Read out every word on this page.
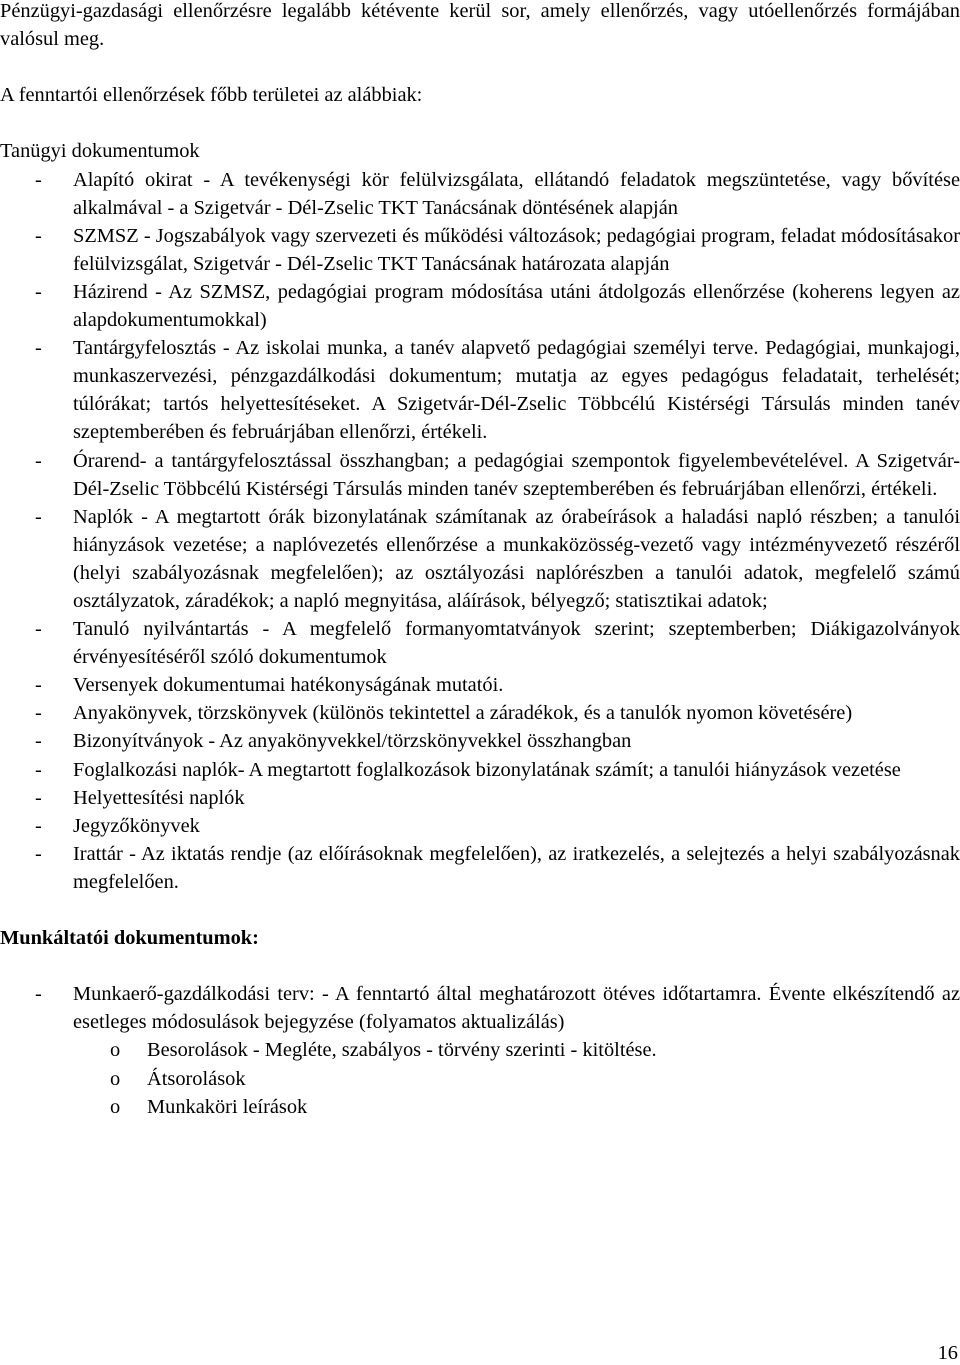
Pénzügyi-gazdasági ellenőrzésre legalább kétévente kerül sor, amely ellenőrzés, vagy utóellenőrzés formájában valósul meg.

A fenntartói ellenőrzések főbb területei az alábbiak:

Tanügyi dokumentumok

- Alapító okirat - A tevékenységi kör felülvizsgálata, ellátandó feladatok megszüntetése, vagy bővítése alkalmával - a Szigetvár - Dél-Zselic TKT Tanácsának döntésének alapján
- SZMSZ - Jogszabályok vagy szervezeti és működési változások; pedagógiai program, feladat módosításakor felülvizsgálat, Szigetvár - Dél-Zselic TKT Tanácsának határozata alapján
- Házirend - Az SZMSZ, pedagógiai program módosítása utáni átdolgozás ellenőrzése (koherens legyen az alapdokumentumokkal)
- Tantárgyfelosztás - Az iskolai munka, a tanév alapvető pedagógiai személyi terve. Pedagógiai, munkajogi, munkaszervezési, pénzgazdálkodási dokumentum; mutatja az egyes pedagógus feladatait, terhelését; túlórákat; tartós helyettesítéseket. A Szigetvár-Dél-Zselic Többcélú Kistérségi Társulás minden tanév szeptemberében és februárjában ellenőrzi, értékeli.
- Órarend- a tantárgyfelosztással összhangban; a pedagógiai szempontok figyelembevételével. A Szigetvár-Dél-Zselic Többcélú Kistérségi Társulás minden tanév szeptemberében és februárjában ellenőrzi, értékeli.
- Naplók - A megtartott órák bizonylatának számítanak az órabeírások a haladási napló részben; a tanulói hiányzások vezetése; a naplóvezetés ellenőrzése a munkaközösség-vezető vagy intézményvezető részéről (helyi szabályozásnak megfelelően); az osztályozási naplórészben a tanulói adatok, megfelelő számú osztályzatok, záradékok; a napló megnyitása, aláírások, bélyegző; statisztikai adatok;
- Tanuló nyilvántartás - A megfelelő formanyomtatványok szerint; szeptemberben; Diákigazolványok érvényesítéséről szóló dokumentumok
- Versenyek dokumentumai hatékonyságának mutatói.
- Anyakönyvek, törzskönyvek (különös tekintettel a záradékok, és a tanulók nyomon követésére)
- Bizonyítványok - Az anyakönyvekkel/törzskönyvekkel összhangban
- Foglalkozási naplók- A megtartott foglalkozások bizonylatának számít; a tanulói hiányzások vezetése
- Helyettesítési naplók
- Jegyzőkönyvek
- Irattár - Az iktatás rendje (az előírásoknak megfelelően), az iratkezelés, a selejtezés a helyi szabályozásnak megfelelően.

Munkáltatói dokumentumok:

- Munkaerő-gazdálkodási terv: - A fenntartó által meghatározott ötéves időtartamra. Évente elkészítendő az esetleges módosulások bejegyzése (folyamatos aktualizálás)
o Besorolások - Megléte, szabályos - törvény szerinti - kitöltése.
o Átsorolások
o Munkaköri leírások
16
